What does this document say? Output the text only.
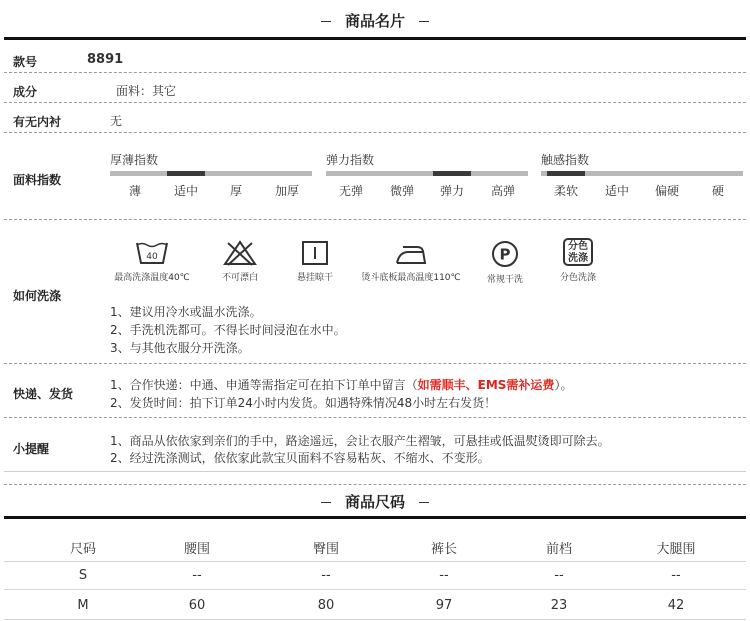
商品名片
款号	8891
成分	面料：其它
有无内衬	无
面料指数
厚薄指数
薄	适中	厚	加厚
弹力指数
无弹	微弹	弹力	高弹
触感指数
柔软	适中	偏硬	硬
如何洗涤
40
最高洗涤温度40℃	不可漂白	悬挂晾干	烫斗底板最高温度110℃
P
常规干洗
分色
洗涤
分色洗涤
1、建议用冷水或温水洗涤。
2、手洗机洗都可。不得长时间浸泡在水中。
3、与其他衣服分开洗涤。
快递、发货
1、合作快递：中通、申通等需指定可在拍下订单中留言（如需顺丰、EMS需补运费）。
2、发货时间：拍下订单24小时内发货。如遇特殊情况48小时左右发货！
小提醒
1、商品从依依家到亲们的手中，路途遥远，会让衣服产生褶皱，可悬挂或低温熨烫即可除去。
2、经过洗涤测试，依依家此款宝贝面料不容易粘灰、不缩水、不变形。
商品尺码
尺码	腰围	臀围	裤长	前档	大腿围
S	--	--	--	--	--
M	60	80	97	23	42
